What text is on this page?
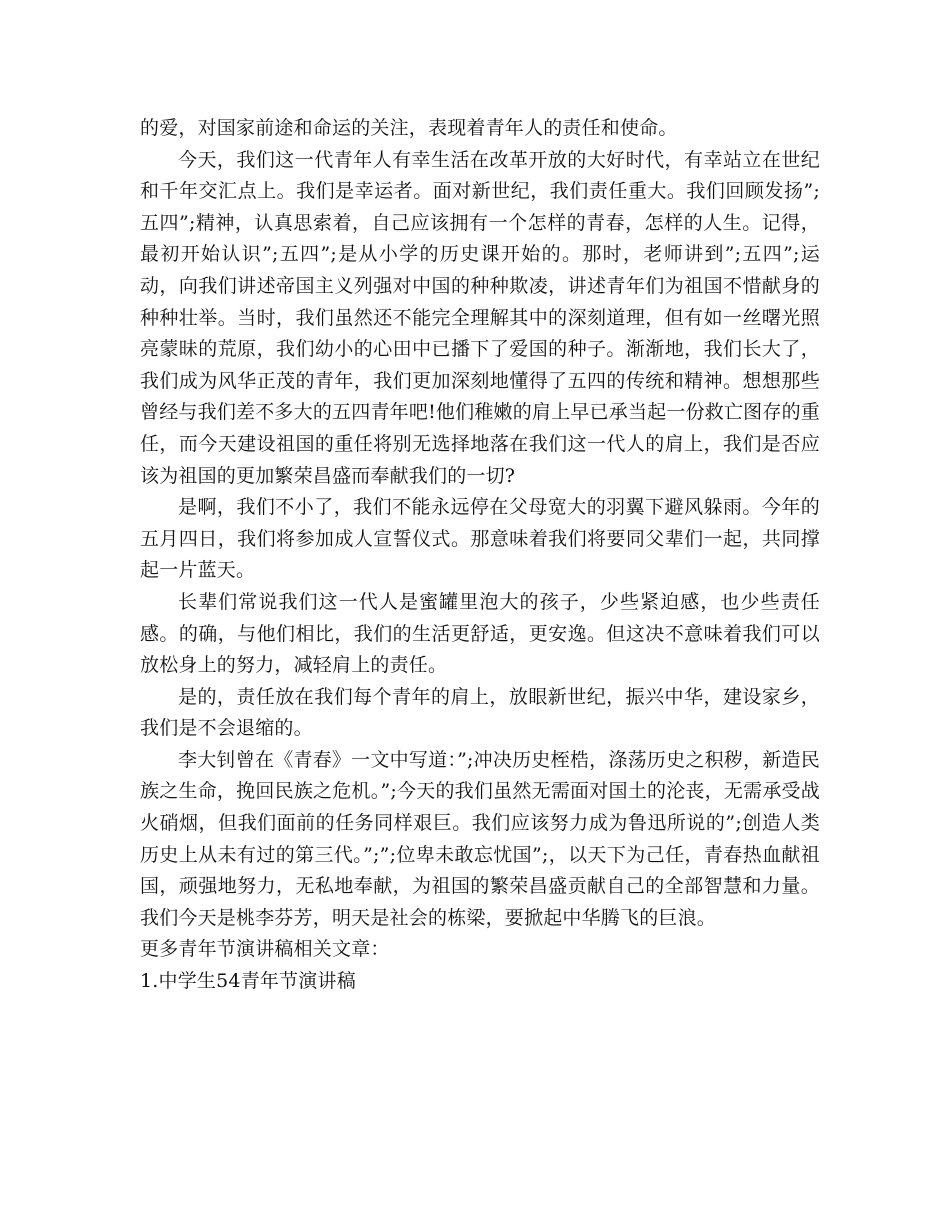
的爱，对国家前途和命运的关注，表现着青年人的责任和使命。

今天，我们这一代青年人有幸生活在改革开放的大好时代，有幸站立在世纪和千年交汇点上。我们是幸运者。面对新世纪，我们责任重大。我们回顾发扬”;五四”;精神，认真思索着，自己应该拥有一个怎样的青春，怎样的人生。记得，最初开始认识”;五四”;是从小学的历史课开始的。那时，老师讲到”;五四”;运动，向我们讲述帝国主义列强对中国的种种欺凌，讲述青年们为祖国不惜献身的种种壮举。当时，我们虽然还不能完全理解其中的深刻道理，但有如一丝曙光照亮蒙昧的荒原，我们幼小的心田中已播下了爱国的种子。渐渐地，我们长大了，我们成为风华正茂的青年，我们更加深刻地懂得了五四的传统和精神。想想那些曾经与我们差不多大的五四青年吧!他们稚嫩的肩上早已承当起一份救亡图存的重任，而今天建设祖国的重任将别无选择地落在我们这一代人的肩上，我们是否应该为祖国的更加繁荣昌盛而奉献我们的一切?

是啊，我们不小了，我们不能永远停在父母宽大的羽翼下避风躲雨。今年的五月四日，我们将参加成人宣誓仪式。那意味着我们将要同父辈们一起，共同撑起一片蓝天。

长辈们常说我们这一代人是蜜罐里泡大的孩子，少些紧迫感，也少些责任感。的确，与他们相比，我们的生活更舒适，更安逸。但这决不意味着我们可以放松身上的努力，减轻肩上的责任。

是的，责任放在我们每个青年的肩上，放眼新世纪，振兴中华，建设家乡，我们是不会退缩的。

李大钊曾在《青春》一文中写道：”;冲决历史桎梏，涤荡历史之积秽，新造民族之生命，挽回民族之危机。”;今天的我们虽然无需面对国土的沦丧，无需承受战火硝烟，但我们面前的任务同样艰巨。我们应该努力成为鲁迅所说的”;创造人类历史上从未有过的第三代。”;”;位卑未敢忘忧国”;，以天下为己任，青春热血献祖国，顽强地努力，无私地奉献，为祖国的繁荣昌盛贡献自己的全部智慧和力量。我们今天是桃李芬芳，明天是社会的栋梁，要掀起中华腾飞的巨浪。

更多青年节演讲稿相关文章：

1.中学生54青年节演讲稿
